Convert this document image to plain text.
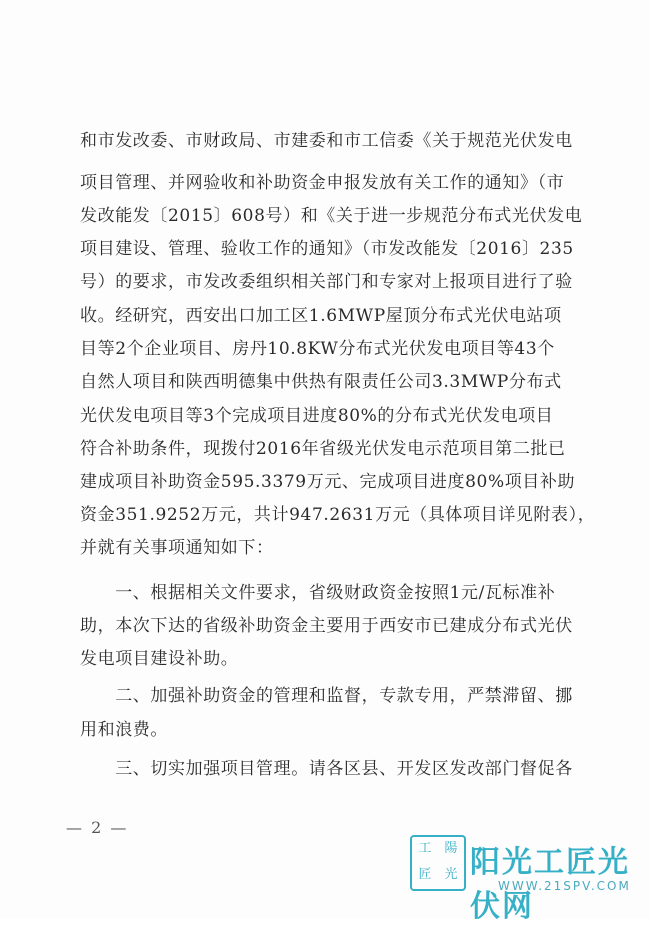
和市发改委、市财政局、市建委和市工信委《关于规范光伏发电
项目管理、并网验收和补助资金申报发放有关工作的通知》（市
发改能发〔2015〕608号）和《关于进一步规范分布式光伏发电
项目建设、管理、验收工作的通知》（市发改能发〔2016〕235
号）的要求，市发改委组织相关部门和专家对上报项目进行了验
收。经研究，西安出口加工区1.6MWP屋顶分布式光伏电站项
目等2个企业项目、房丹10.8KW分布式光伏发电项目等43个
自然人项目和陕西明德集中供热有限责任公司3.3MWP分布式
光伏发电项目等3个完成项目进度80%的分布式光伏发电项目
符合补助条件，现拨付2016年省级光伏发电示范项目第二批已
建成项目补助资金595.3379万元、完成项目进度80%项目补助
资金351.9252万元，共计947.2631万元（具体项目详见附表），
并就有关事项通知如下：
　　一、根据相关文件要求，省级财政资金按照1元/瓦标准补
助，本次下达的省级补助资金主要用于西安市已建成分布式光伏
发电项目建设补助。
　　二、加强补助资金的管理和监督，专款专用，严禁滞留、挪
用和浪费。
　　三、切实加强项目管理。请各区县、开发区发改部门督促各
— 2 —
工 陽
匠 光 阳光工匠光伏网
WWW.21SPV.COM
